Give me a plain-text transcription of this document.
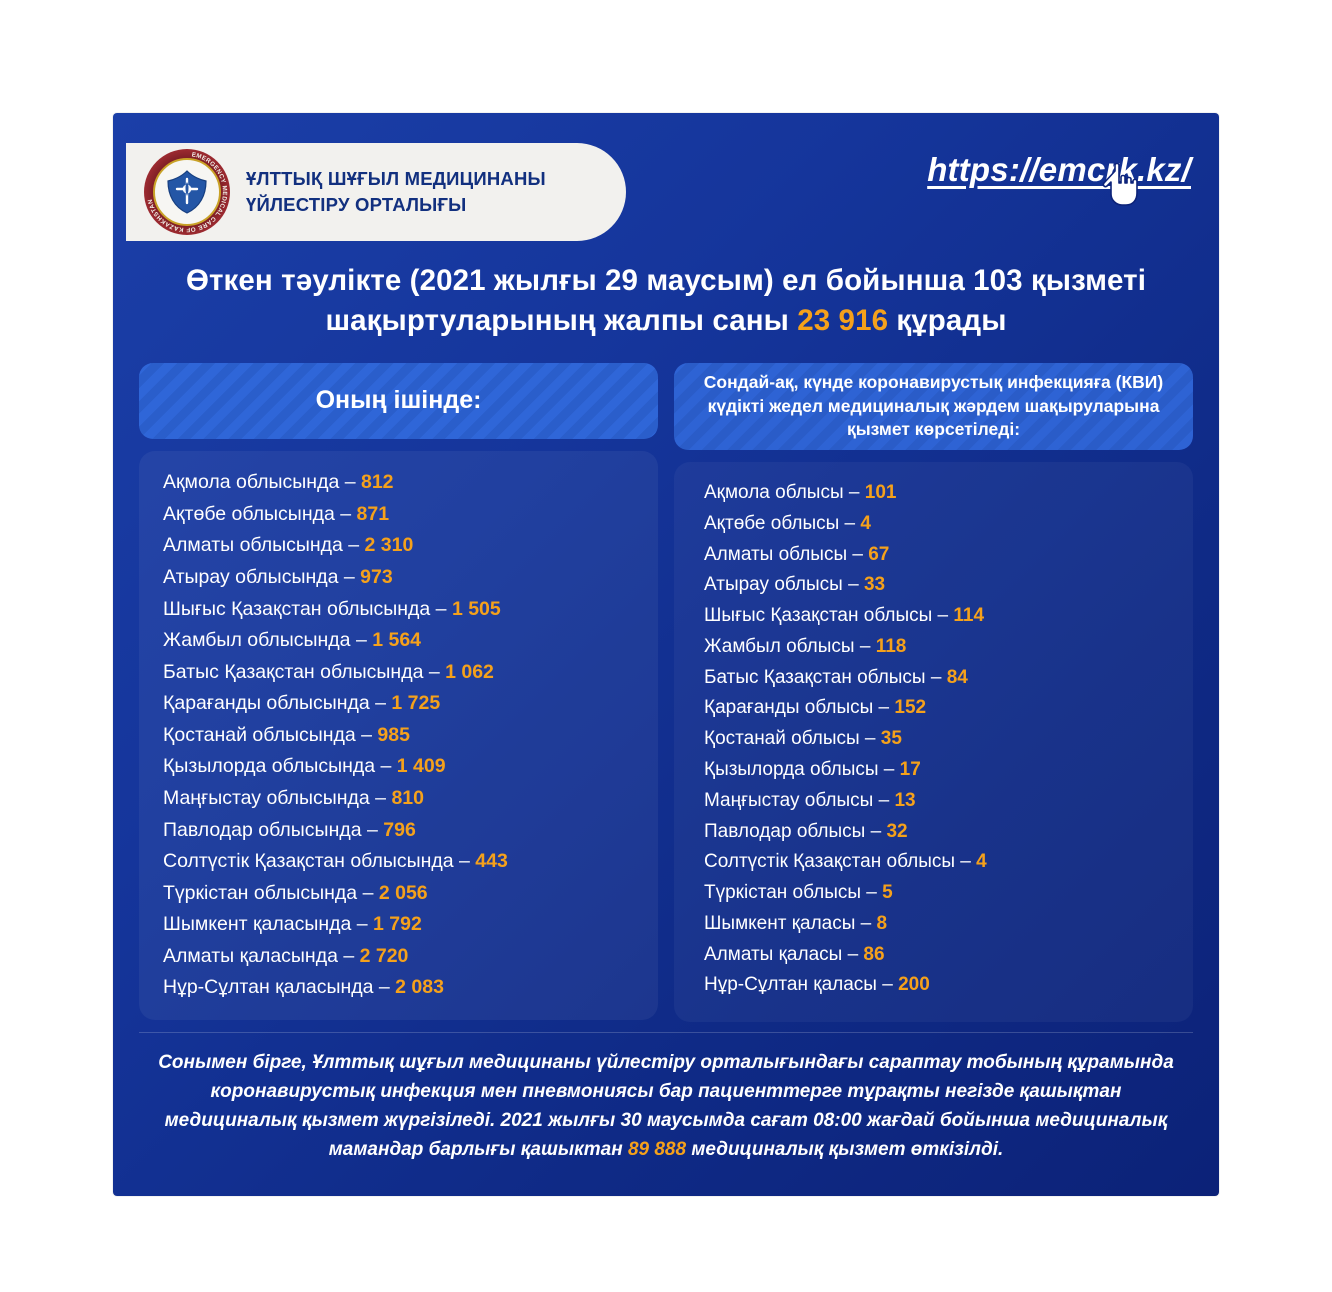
EMERGENCY MEDICAL CARE OF KAZAKHSTAN
ҰЛТТЫҚ ШҰҒЫЛ МЕДИЦИНАНЫ
ҮЙЛЕСТІРУ ОРТАЛЫҒЫ
https://emcrk.kz/
Өткен тәулікте (2021 жылғы 29 маусым) ел бойынша 103 қызметі шақыртуларының жалпы саны 23 916 құрады
Оның ішінде:
Ақмола облысында – 812
Ақтөбе облысында – 871
Алматы облысында – 2 310
Атырау облысында – 973
Шығыс Қазақстан облысында – 1 505
Жамбыл облысында – 1 564
Батыс Қазақстан облысында – 1 062
Қарағанды облысында – 1 725
Қостанай облысында – 985
Қызылорда облысында – 1 409
Маңғыстау облысында – 810
Павлодар облысында – 796
Солтүстік Қазақстан облысында – 443
Түркістан облысында – 2 056
Шымкент қаласында – 1 792
Алматы қаласында – 2 720
Нұр-Сұлтан қаласында – 2 083
Сондай-ақ, күнде коронавирустық инфекцияға (КВИ) күдікті жедел медициналық жәрдем шақыруларына қызмет көрсетіледі:
Ақмола облысы – 101
Ақтөбе облысы – 4
Алматы облысы – 67
Атырау облысы – 33
Шығыс Қазақстан облысы – 114
Жамбыл облысы – 118
Батыс Қазақстан облысы – 84
Қарағанды облысы – 152
Қостанай облысы – 35
Қызылорда облысы – 17
Маңғыстау облысы – 13
Павлодар облысы – 32
Солтүстік Қазақстан облысы – 4
Түркістан облысы – 5
Шымкент қаласы – 8
Алматы қаласы – 86
Нұр-Сұлтан қаласы – 200
Сонымен бірге, Ұлттық шұғыл медицинаны үйлестіру орталығындағы сараптау тобының құрамында коронавирустық инфекция мен пневмониясы бар пациенттерге тұрақты негізде қашықтан медициналық қызмет жүргізіледі. 2021 жылғы 30 маусымда сағат 08:00 жағдай бойынша медициналық мамандар барлығы қашыктан 89 888 медициналық қызмет өткізілді.
